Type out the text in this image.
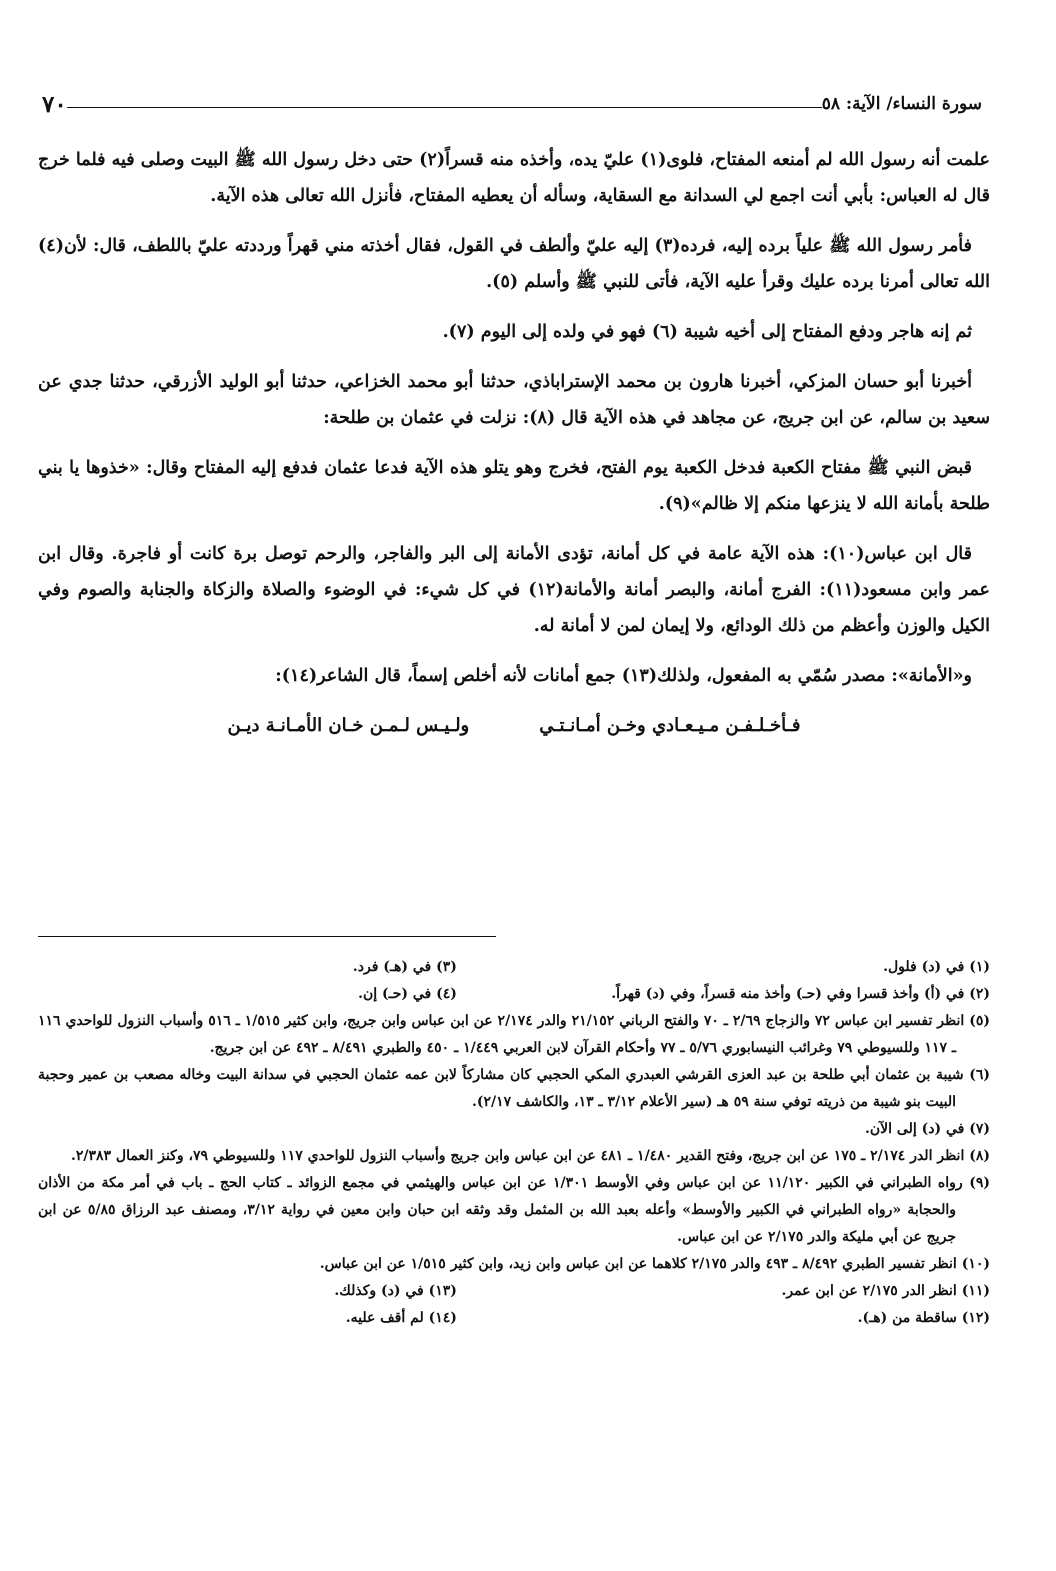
سورة النساء/ الآية: ٥٨
٧٠

علمت أنه رسول الله لم أمنعه المفتاح، فلوى(١) عليّ يده، وأخذه منه قسراً(٢) حتى دخل رسول الله ﷺ البيت وصلى فيه فلما خرج قال له العباس: بأبي أنت اجمع لي السدانة مع السقاية، وسأله أن يعطيه المفتاح، فأنزل الله تعالى هذه الآية.

فأمر رسول الله ﷺ علياً برده إليه، فرده(٣) إليه عليّ وألطف في القول، فقال أخذته مني قهراً ورددته عليّ باللطف، قال: لأن(٤) الله تعالى أمرنا برده عليك وقرأ عليه الآية، فأتى للنبي ﷺ وأسلم (٥).

ثم إنه هاجر ودفع المفتاح إلى أخيه شيبة (٦) فهو في ولده إلى اليوم (٧).

أخبرنا أبو حسان المزكي، أخبرنا هارون بن محمد الإستراباذي، حدثنا أبو محمد الخزاعي، حدثنا أبو الوليد الأزرقي، حدثنا جدي عن سعيد بن سالم، عن ابن جريج، عن مجاهد في هذه الآية قال (٨): نزلت في عثمان بن طلحة:

قبض النبي ﷺ مفتاح الكعبة فدخل الكعبة يوم الفتح، فخرج وهو يتلو هذه الآية فدعا عثمان فدفع إليه المفتاح وقال: «خذوها يا بني طلحة بأمانة الله لا ينزعها منكم إلا ظالم»(٩).

قال ابن عباس(١٠): هذه الآية عامة في كل أمانة، تؤدى الأمانة إلى البر والفاجر، والرحم توصل برة كانت أو فاجرة. وقال ابن عمر وابن مسعود(١١): الفرج أمانة، والبصر أمانة والأمانة(١٢) في كل شيء: في الوضوء والصلاة والزكاة والجنابة والصوم وفي الكيل والوزن وأعظم من ذلك الودائع، ولا إيمان لمن لا أمانة له.

و«الأمانة»: مصدر سُمّي به المفعول، ولذلك(١٣) جمع أمانات لأنه أخلص إسماً، قال الشاعر(١٤):

فـأخـلـفـن مـيـعـادي وخـن أمـانـتـي
ولـيـس لـمـن خـان الأمـانـة ديـن
(١) في (د) فلول.
(٣) في (هـ) فرد.
(٢) في (أ) وأخذ قسرا وفي (حـ) وأخذ منه قسراً، وفي (د) قهراً.
(٤) في (حـ) إن.
(٥) انظر تفسير ابن عباس ٧٢ والزجاج ٢/٦٩ ـ ٧٠ والفتح الرباني ٢١/١٥٢ والدر ٢/١٧٤ عن ابن عباس وابن جريج، وابن كثير ١/٥١٥ ـ ٥١٦ وأسباب النزول للواحدي ١١٦ ـ ١١٧ وللسيوطي ٧٩ وغرائب النيسابوري ٥/٧٦ ـ ٧٧ وأحكام القرآن لابن العربي ١/٤٤٩ ـ ٤٥٠ والطبري ٨/٤٩١ ـ ٤٩٢ عن ابن جريج.
(٦) شيبة بن عثمان أبي طلحة بن عبد العزى القرشي العبدري المكي الحجبي كان مشاركاً لابن عمه عثمان الحجبي في سدانة البيت وخاله مصعب بن عمير وحجبة البيت بنو شيبة من ذريته توفي سنة ٥٩ هـ (سير الأعلام ٣/١٢ ـ ١٣، والكاشف ٢/١٧).
(٧) في (د) إلى الآن.
(٨) انظر الدر ٢/١٧٤ ـ ١٧٥ عن ابن جريج، وفتح القدير ١/٤٨٠ ـ ٤٨١ عن ابن عباس وابن جريج وأسباب النزول للواحدي ١١٧ وللسيوطي ٧٩، وكنز العمال ٢/٣٨٣.
(٩) رواه الطبراني في الكبير ١١/١٢٠ عن ابن عباس وفي الأوسط ١/٣٠١ عن ابن عباس والهيثمي في مجمع الزوائد ـ كتاب الحج ـ باب في أمر مكة من الأذان والحجابة «رواه الطبراني في الكبير والأوسط» وأعله بعبد الله بن المثمل وقد وثقه ابن حبان وابن معين في رواية ٣/١٢، ومصنف عبد الرزاق ٥/٨٥ عن ابن جريج عن أبي مليكة والدر ٢/١٧٥ عن ابن عباس.
(١٠) انظر تفسير الطبري ٨/٤٩٢ ـ ٤٩٣ والدر ٢/١٧٥ كلاهما عن ابن عباس وابن زيد، وابن كثير ١/٥١٥ عن ابن عباس.
(١١) انظر الدر ٢/١٧٥ عن ابن عمر.
(١٣) في (د) وكذلك.
(١٢) ساقطة من (هـ).
(١٤) لم أقف عليه.
